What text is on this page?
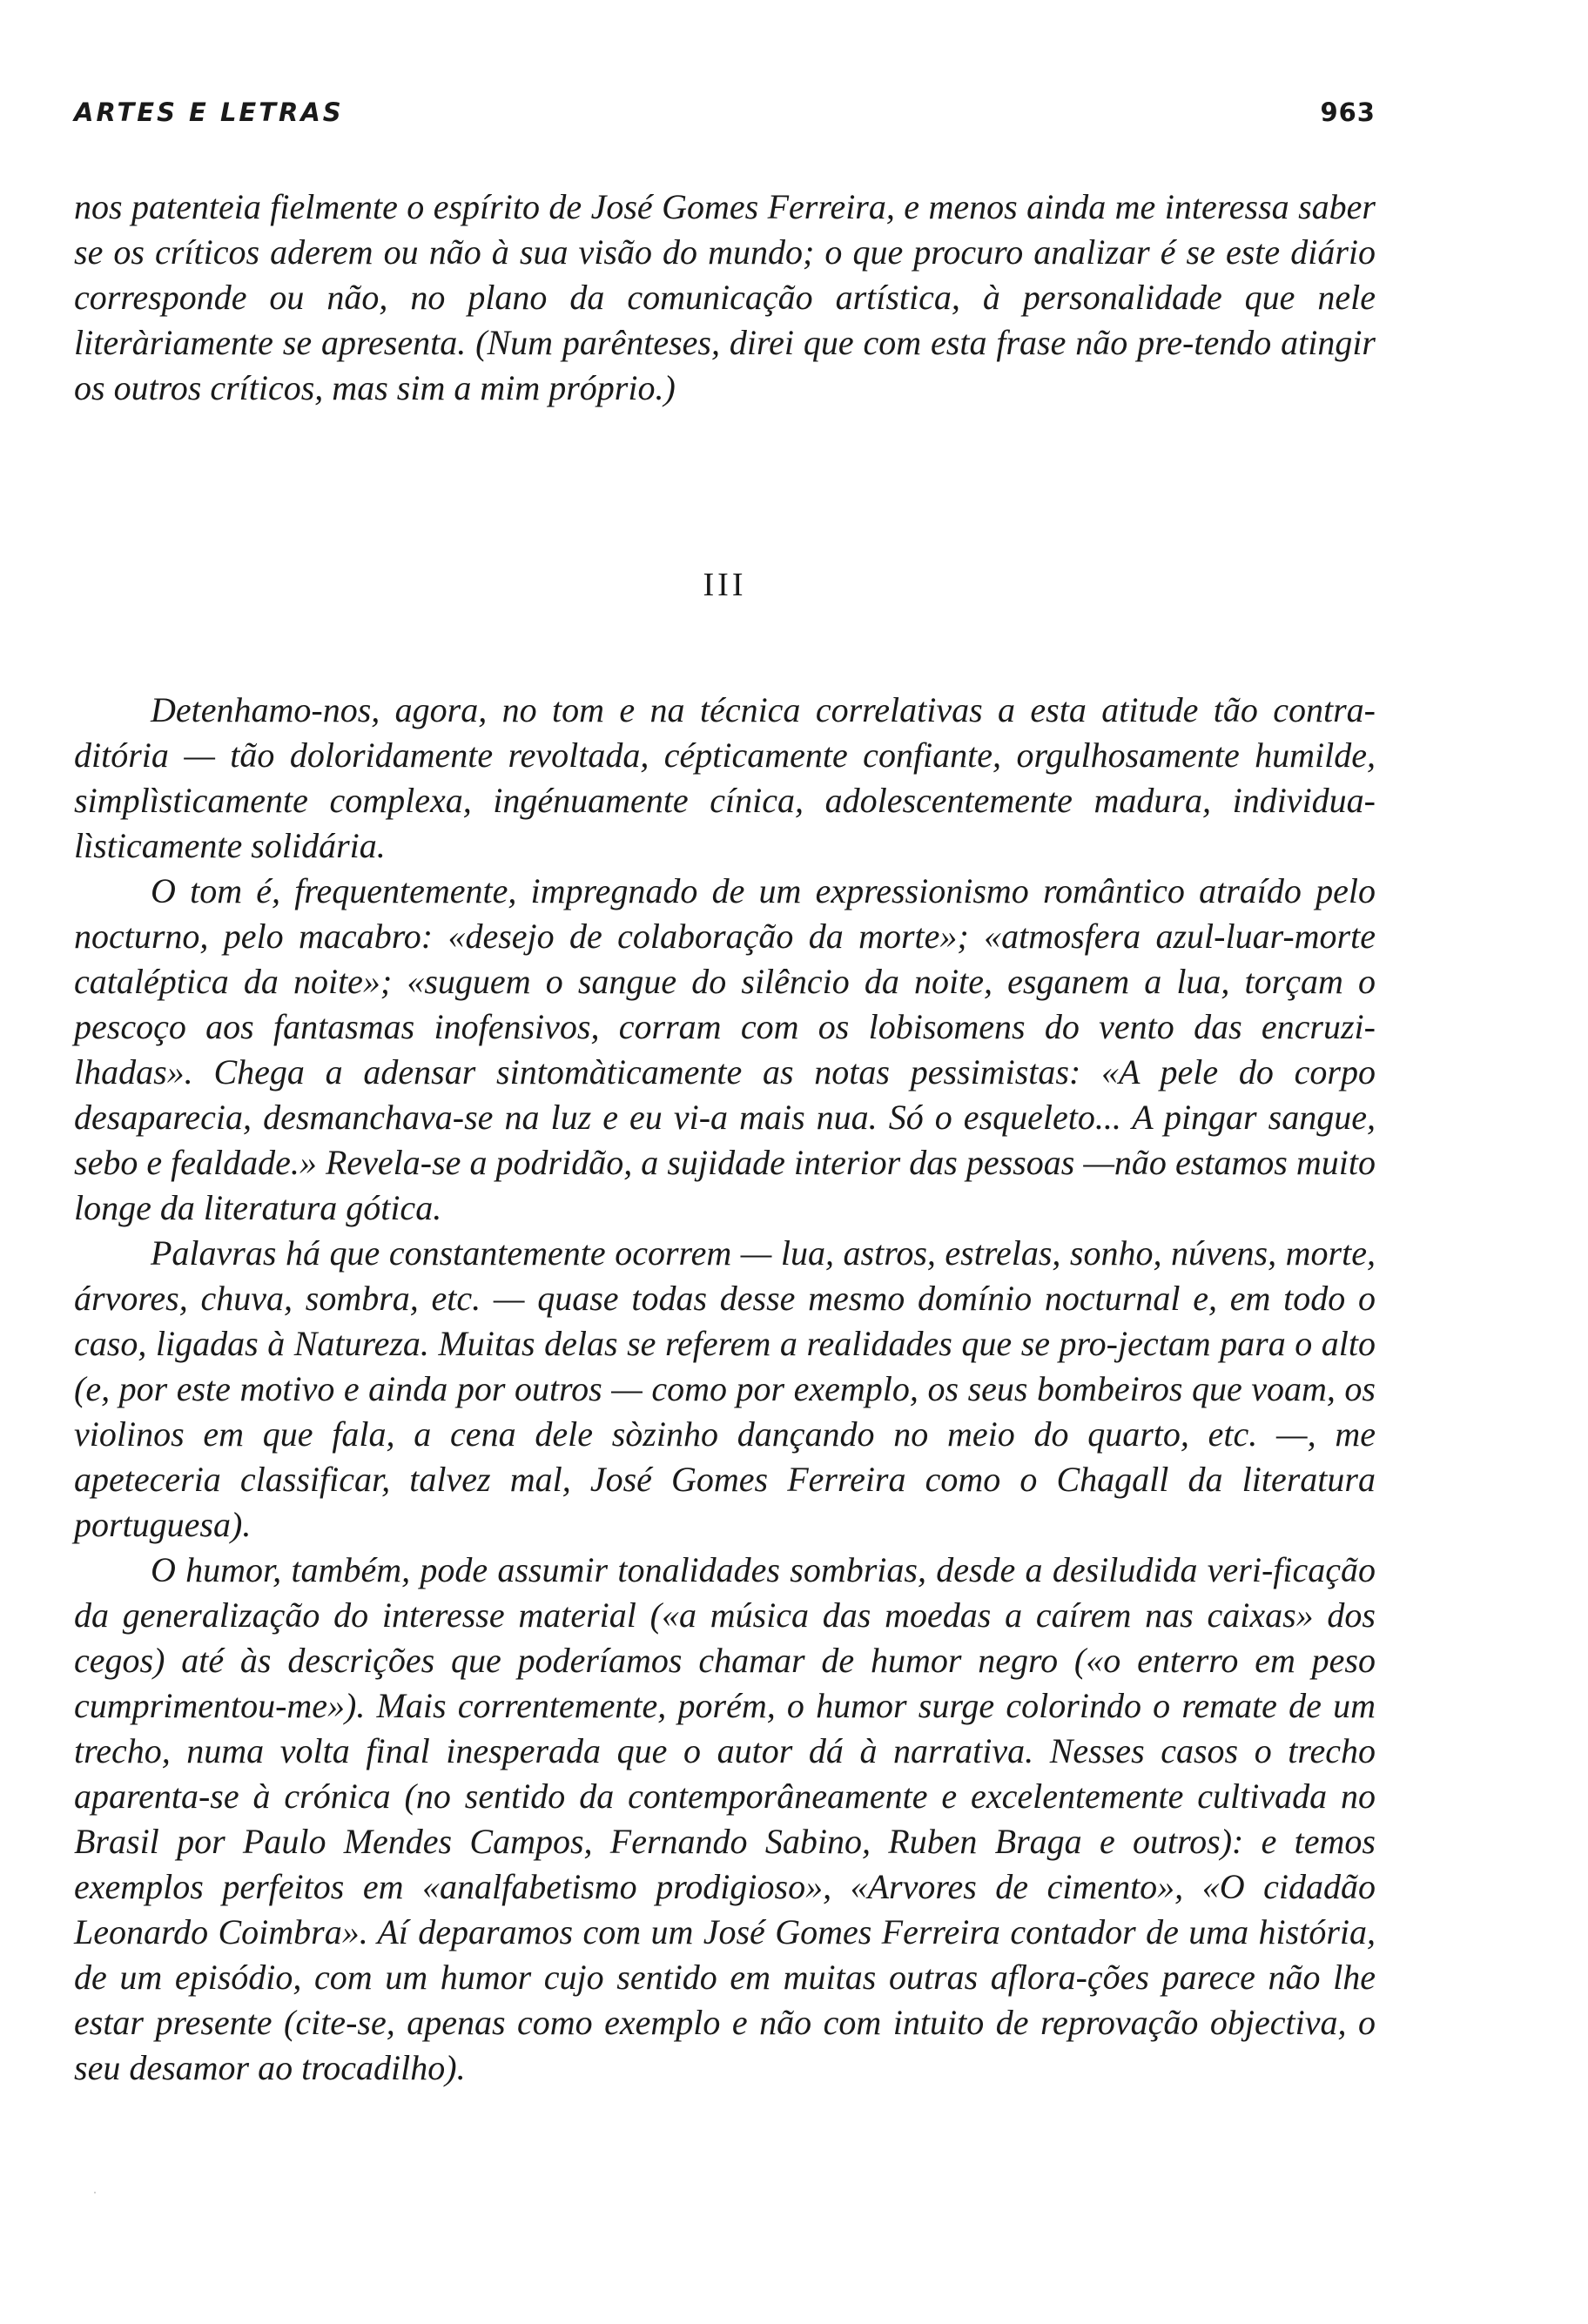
ARTES E LETRAS	963

nos patenteia fielmente o espírito de José Gomes Ferreira, e menos ainda me interessa saber se os críticos aderem ou não à sua visão do mundo; o que procuro analizar é se este diário corresponde ou não, no plano da comunicação artística, à personalidade que nele literàriamente se apresenta. (Num parênteses, direi que com esta frase não pre-tendo atingir os outros críticos, mas sim a mim próprio.)

III

Detenhamo-nos, agora, no tom e na técnica correlativas a esta atitude tão contra-ditória — tão doloridamente revoltada, cépticamente confiante, orgulhosamente humilde, simplìsticamente complexa, ingénuamente cínica, adolescentemente madura, individua-lìsticamente solidária.

O tom é, frequentemente, impregnado de um expressionismo romântico atraído pelo nocturno, pelo macabro: «desejo de colaboração da morte»; «atmosfera azul-luar-morte cataléptica da noite»; «suguem o sangue do silêncio da noite, esganem a lua, torçam o pescoço aos fantasmas inofensivos, corram com os lobisomens do vento das encruzi-lhadas». Chega a adensar sintomàticamente as notas pessimistas: «A pele do corpo desaparecia, desmanchava-se na luz e eu vi-a mais nua. Só o esqueleto... A pingar sangue, sebo e fealdade.» Revela-se a podridão, a sujidade interior das pessoas —não estamos muito longe da literatura gótica.

Palavras há que constantemente ocorrem — lua, astros, estrelas, sonho, núvens, morte, árvores, chuva, sombra, etc. — quase todas desse mesmo domínio nocturnal e, em todo o caso, ligadas à Natureza. Muitas delas se referem a realidades que se pro-jectam para o alto (e, por este motivo e ainda por outros — como por exemplo, os seus bombeiros que voam, os violinos em que fala, a cena dele sòzinho dançando no meio do quarto, etc. —, me apeteceria classificar, talvez mal, José Gomes Ferreira como o Chagall da literatura portuguesa).

O humor, também, pode assumir tonalidades sombrias, desde a desiludida veri-ficação da generalização do interesse material («a música das moedas a caírem nas caixas» dos cegos) até às descrições que poderíamos chamar de humor negro («o enterro em peso cumprimentou-me»). Mais correntemente, porém, o humor surge colorindo o remate de um trecho, numa volta final inesperada que o autor dá à narrativa. Nesses casos o trecho aparenta-se à crónica (no sentido da contemporâneamente e excelentemente cultivada no Brasil por Paulo Mendes Campos, Fernando Sabino, Ruben Braga e outros): e temos exemplos perfeitos em «analfabetismo prodigioso», «Arvores de cimento», «O cidadão Leonardo Coimbra». Aí deparamos com um José Gomes Ferreira contador de uma história, de um episódio, com um humor cujo sentido em muitas outras aflora-ções parece não lhe estar presente (cite-se, apenas como exemplo e não com intuito de reprovação objectiva, o seu desamor ao trocadilho).
